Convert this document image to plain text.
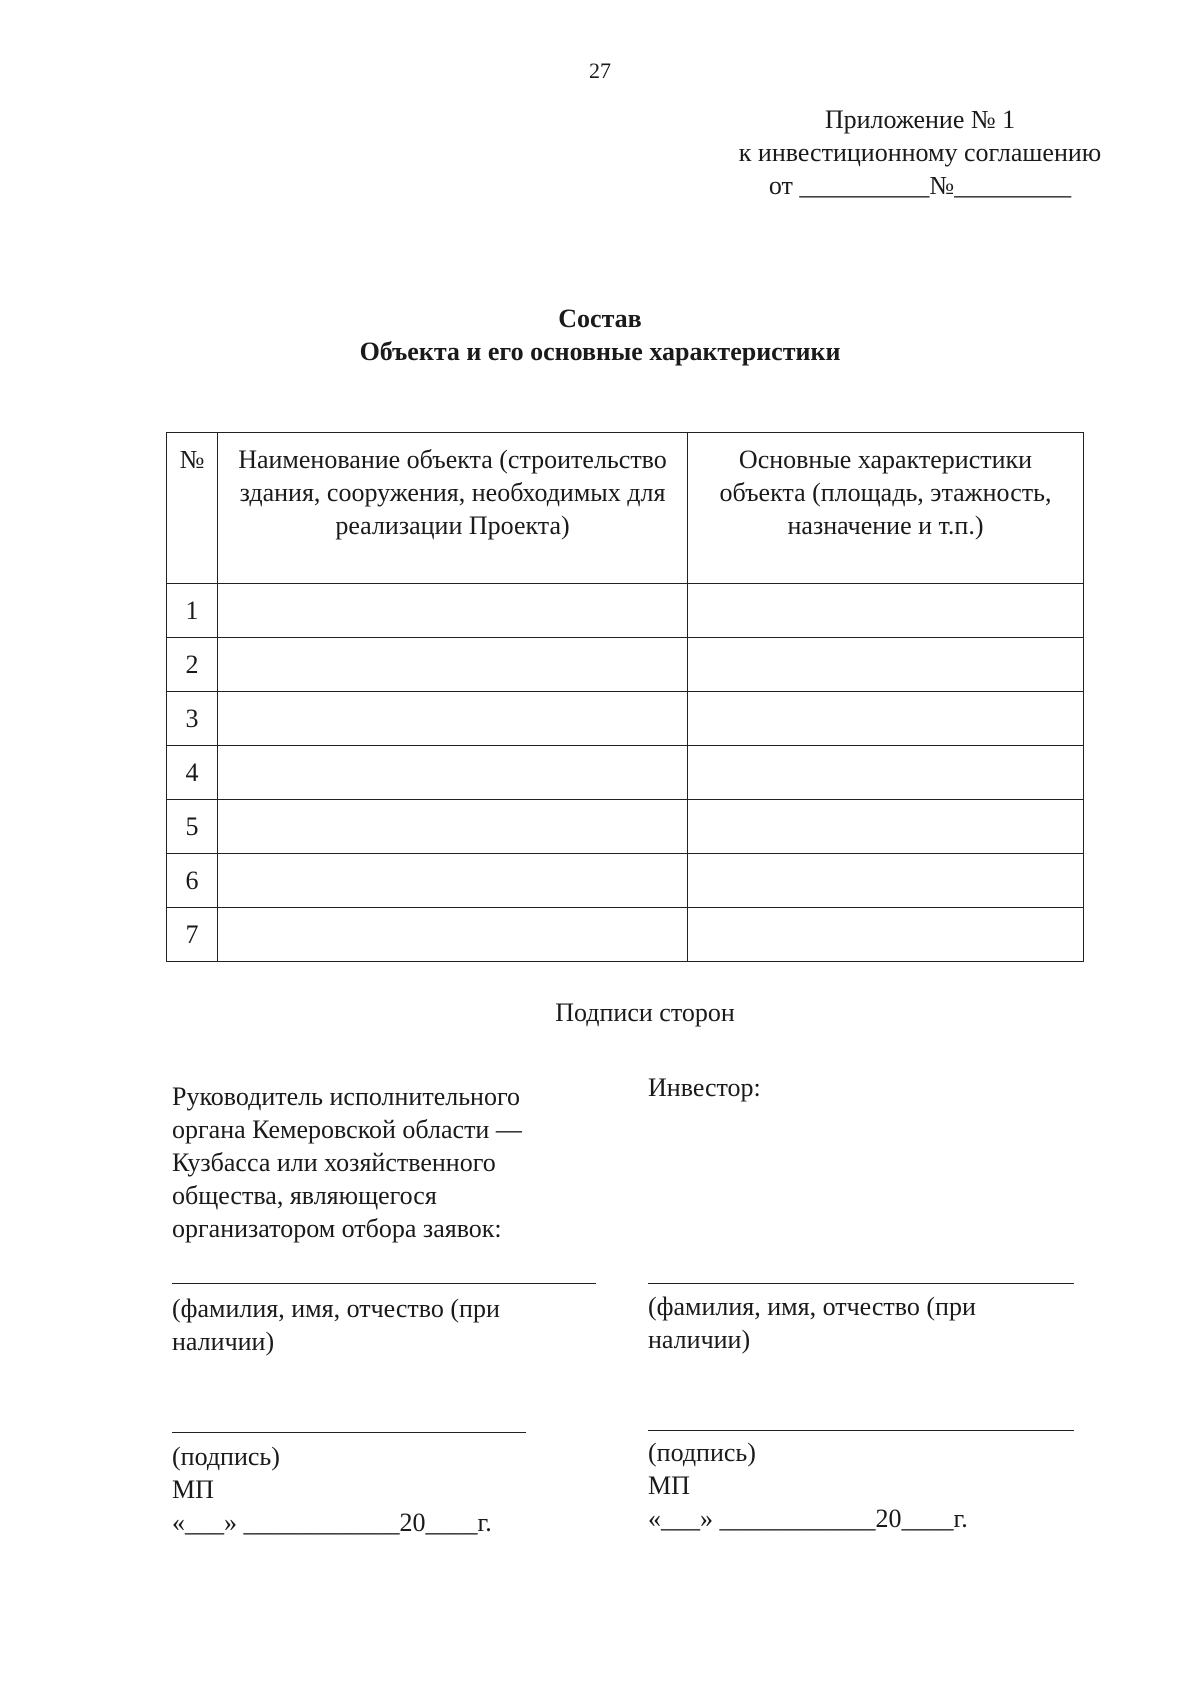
27
Приложение № 1
к инвестиционному соглашению
от __________№_________
Состав
Объекта и его основные характеристики
№	Наименование объекта (строительство здания, сооружения, необходимых для реализации Проекта)	Основные характеристики объекта (площадь, этажность, назначение и т.п.)
1		
2		
3		
4		
5		
6		
7		
Подписи сторон
Руководитель исполнительного
органа Кемеровской области —
Кузбасса или хозяйственного
общества, являющегося
организатором отбора заявок:
(фамилия, имя, отчество (при
наличии)
(подпись)
МП
«___» ____________20____г.
Инвестор:
(фамилия, имя, отчество (при
наличии)
(подпись)
МП
«___» ____________20____г.
